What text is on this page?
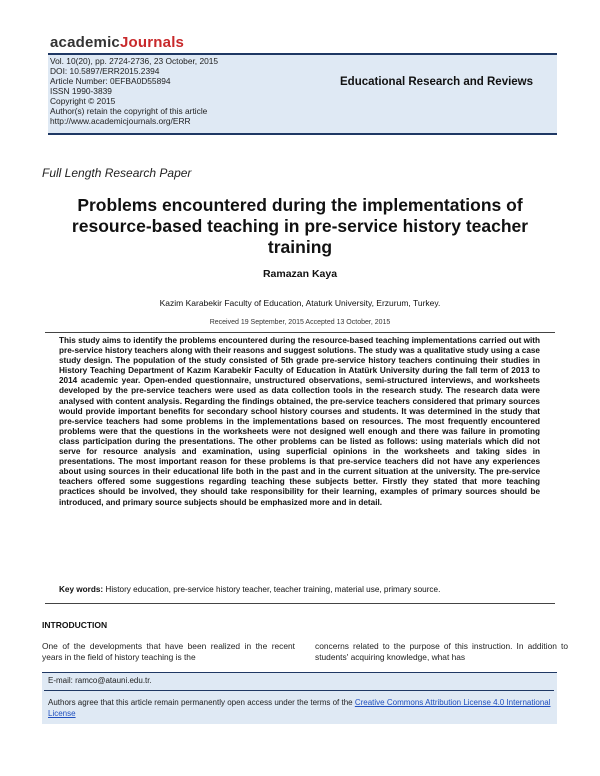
academicJournals
Vol. 10(20), pp. 2724-2736, 23 October, 2015
DOI: 10.5897/ERR2015.2394
Article Number: 0EFBA0D55894
ISSN 1990-3839
Copyright © 2015
Author(s) retain the copyright of this article
http://www.academicjournals.org/ERR
Educational Research and Reviews
Full Length Research Paper
Problems encountered during the implementations of resource-based teaching in pre-service history teacher training
Ramazan Kaya
Kazim Karabekir Faculty of Education, Ataturk University, Erzurum, Turkey.
Received 19 September, 2015 Accepted 13 October, 2015

This study aims to identify the problems encountered during the resource-based teaching implementations carried out with pre-service history teachers along with their reasons and suggest solutions. The study was a qualitative study using a case study design. The population of the study consisted of 5th grade pre-service history teachers continuing their studies in History Teaching Department of Kazım Karabekir Faculty of Education in Atatürk University during the fall term of 2013 to 2014 academic year. Open-ended questionnaire, unstructured observations, semi-structured interviews, and worksheets developed by the pre-service teachers were used as data collection tools in the research study. The research data were analysed with content analysis. Regarding the findings obtained, the pre-service teachers considered that primary sources would provide important benefits for secondary school history courses and students. It was determined in the study that pre-service teachers had some problems in the implementations based on resources. The most frequently encountered problems were that the questions in the worksheets were not designed well enough and there was failure in promoting class participation during the presentations. The other problems can be listed as follows: using materials which did not serve for resource analysis and examination, using superficial opinions in the worksheets and taking sides in presentations. The most important reason for these problems is that pre-service teachers did not have any experiences about using sources in their educational life both in the past and in the current situation at the university. The pre-service teachers offered some suggestions regarding teaching these subjects better. Firstly they stated that more teaching practices should be involved, they should take responsibility for their learning, examples of primary sources should be introduced, and primary source subjects should be emphasized more and in detail.

Key words: History education, pre-service history teacher, teacher training, material use, primary source.
INTRODUCTION

One of the developments that have been realized in the recent years in the field of history teaching is the

concerns related to the purpose of this instruction. In addition to students' acquiring knowledge, what has

E-mail: ramco@atauni.edu.tr.
Authors agree that this article remain permanently open access under the terms of the Creative Commons Attribution License 4.0 International License
